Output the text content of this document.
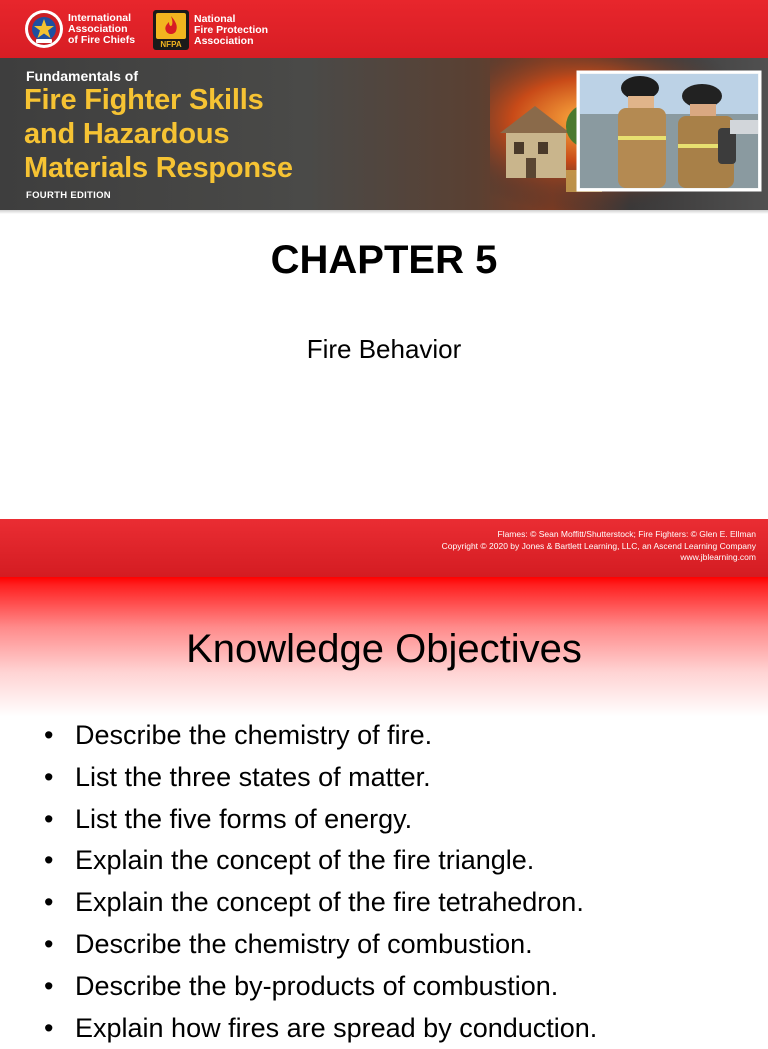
International
Association
of Fire Chiefs	NFPA
National
Fire Protection
Association
Fundamentals of
Fire Fighter Skills
and Hazardous
Materials Response
FOURTH EDITION
CHAPTER 5
Fire Behavior
Flames: © Sean Moffitt/Shutterstock; Fire Fighters: © Glen E. Ellman
Copyright © 2020 by Jones & Bartlett Learning, LLC, an Ascend Learning Company
www.jblearning.com
Knowledge Objectives
• Describe the chemistry of fire.
• List the three states of matter.
• List the five forms of energy.
• Explain the concept of the fire triangle.
• Explain the concept of the fire tetrahedron.
• Describe the chemistry of combustion.
• Describe the by-products of combustion.
• Explain how fires are spread by conduction.
